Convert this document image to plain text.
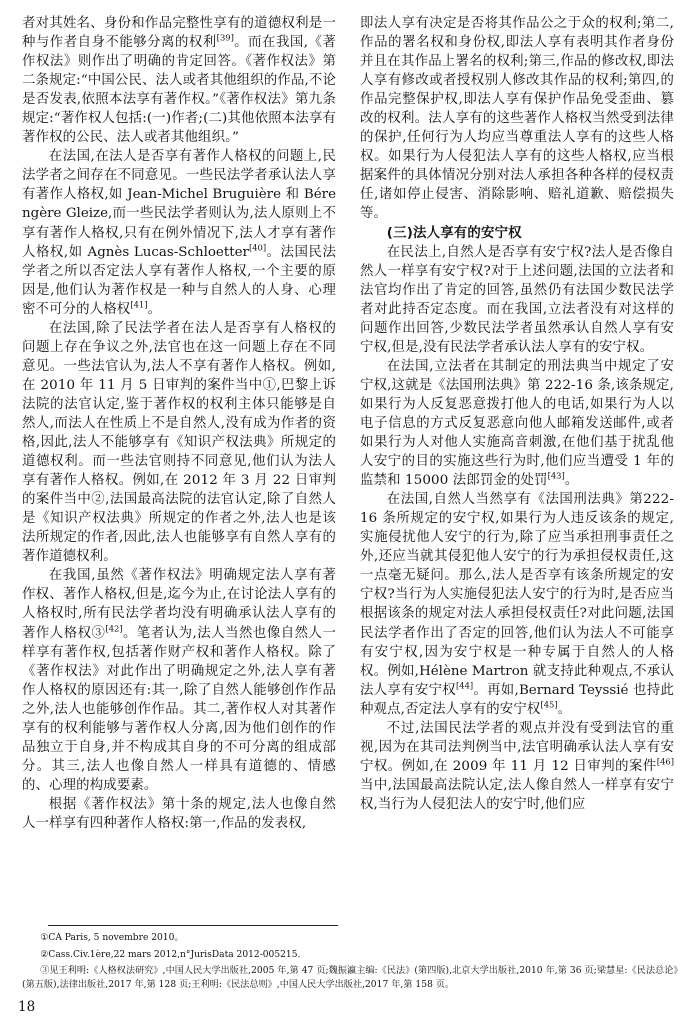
者对其姓名、身份和作品完整性享有的道德权利是一种与作者自身不能够分离的权利[39]。而在我国,《著作权法》则作出了明确的肯定回答。《著作权法》第二条规定:“中国公民、法人或者其他组织的作品,不论是否发表,依照本法享有著作权。”《著作权法》第九条规定:“著作权人包括:(一)作者;(二)其他依照本法享有著作权的公民、法人或者其他组织。”

在法国,在法人是否享有著作人格权的问题上,民法学者之间存在不同意见。一些民法学者承认法人享有著作人格权,如 Jean-Michel Bruguière 和 Bérengère Gleize,而一些民法学者则认为,法人原则上不享有著作人格权,只有在例外情况下,法人才享有著作人格权,如 Agnès Lucas-Schloetter[40]。法国民法学者之所以否定法人享有著作人格权,一个主要的原因是,他们认为著作权是一种与自然人的人身、心理密不可分的人格权[41]。

在法国,除了民法学者在法人是否享有人格权的问题上存在争议之外,法官也在这一问题上存在不同意见。一些法官认为,法人不享有著作人格权。例如,在 2010 年 11 月 5 日审判的案件当中①,巴黎上诉法院的法官认定,鉴于著作权的权利主体只能够是自然人,而法人在性质上不是自然人,没有成为作者的资格,因此,法人不能够享有《知识产权法典》所规定的道德权利。而一些法官则持不同意见,他们认为法人享有著作人格权。例如,在 2012 年 3 月 22 日审判的案件当中②,法国最高法院的法官认定,除了自然人是《知识产权法典》所规定的作者之外,法人也是该法所规定的作者,因此,法人也能够享有自然人享有的著作道德权利。

在我国,虽然《著作权法》明确规定法人享有著作权、著作人格权,但是,迄今为止,在讨论法人享有的人格权时,所有民法学者均没有明确承认法人享有的著作人格权③[42]。笔者认为,法人当然也像自然人一样享有著作权,包括著作财产权和著作人格权。除了《著作权法》对此作出了明确规定之外,法人享有著作人格权的原因还有:其一,除了自然人能够创作作品之外,法人也能够创作作品。其二,著作权人对其著作享有的权利能够与著作权人分离,因为他们创作的作品独立于自身,并不构成其自身的不可分离的组成部分。其三,法人也像自然人一样具有道德的、情感的、心理的构成要素。

根据《著作权法》第十条的规定,法人也像自然人一样享有四种著作人格权:第一,作品的发表权,

即法人享有决定是否将其作品公之于众的权利;第二,作品的署名权和身份权,即法人享有表明其作者身份并且在其作品上署名的权利;第三,作品的修改权,即法人享有修改或者授权别人修改其作品的权利;第四,的作品完整保护权,即法人享有保护作品免受歪曲、篡改的权利。法人享有的这些著作人格权当然受到法律的保护,任何行为人均应当尊重法人享有的这些人格权。如果行为人侵犯法人享有的这些人格权,应当根据案件的具体情况分别对法人承担各种各样的侵权责任,诸如停止侵害、消除影响、赔礼道歉、赔偿损失等。

(三)法人享有的安宁权

在民法上,自然人是否享有安宁权?法人是否像自然人一样享有安宁权?对于上述问题,法国的立法者和法官均作出了肯定的回答,虽然仍有法国少数民法学者对此持否定态度。而在我国,立法者没有对这样的问题作出回答,少数民法学者虽然承认自然人享有安宁权,但是,没有民法学者承认法人享有的安宁权。

在法国,立法者在其制定的刑法典当中规定了安宁权,这就是《法国刑法典》第 222-16 条,该条规定,如果行为人反复恶意拨打他人的电话,如果行为人以电子信息的方式反复恶意向他人邮箱发送邮件,或者如果行为人对他人实施高音刺激,在他们基于扰乱他人安宁的目的实施这些行为时,他们应当遭受 1 年的监禁和 15000 法郎罚金的处罚[43]。

在法国,自然人当然享有《法国刑法典》第222-16 条所规定的安宁权,如果行为人违反该条的规定,实施侵扰他人安宁的行为,除了应当承担刑事责任之外,还应当就其侵犯他人安宁的行为承担侵权责任,这一点毫无疑问。那么,法人是否享有该条所规定的安宁权?当行为人实施侵犯法人安宁的行为时,是否应当根据该条的规定对法人承担侵权责任?对此问题,法国民法学者作出了否定的回答,他们认为法人不可能享有安宁权,因为安宁权是一种专属于自然人的人格权。例如,Hélène Martron 就支持此种观点,不承认法人享有安宁权[44]。再如,Bernard Teyssié 也持此种观点,否定法人享有的安宁权[45]。

不过,法国民法学者的观点并没有受到法官的重视,因为在其司法判例当中,法官明确承认法人享有安宁权。例如,在 2009 年 11 月 12 日审判的案件[46]当中,法国最高法院认定,法人像自然人一样享有安宁权,当行为人侵犯法人的安宁时,他们应

①CA Paris, 5 novembre 2010。

②Cass.Civ.1ère,22 mars 2012,n°JurisData 2012-005215.

③见王利明:《人格权法研究》,中国人民大学出版社,2005 年,第 47 页;魏振瀛主编:《民法》(第四版),北京大学出版社,2010 年,第 36 页;梁慧星:《民法总论》(第五版),法律出版社,2017 年,第 128 页;王利明:《民法总则》,中国人民大学出版社,2017 年,第 158 页。

18
